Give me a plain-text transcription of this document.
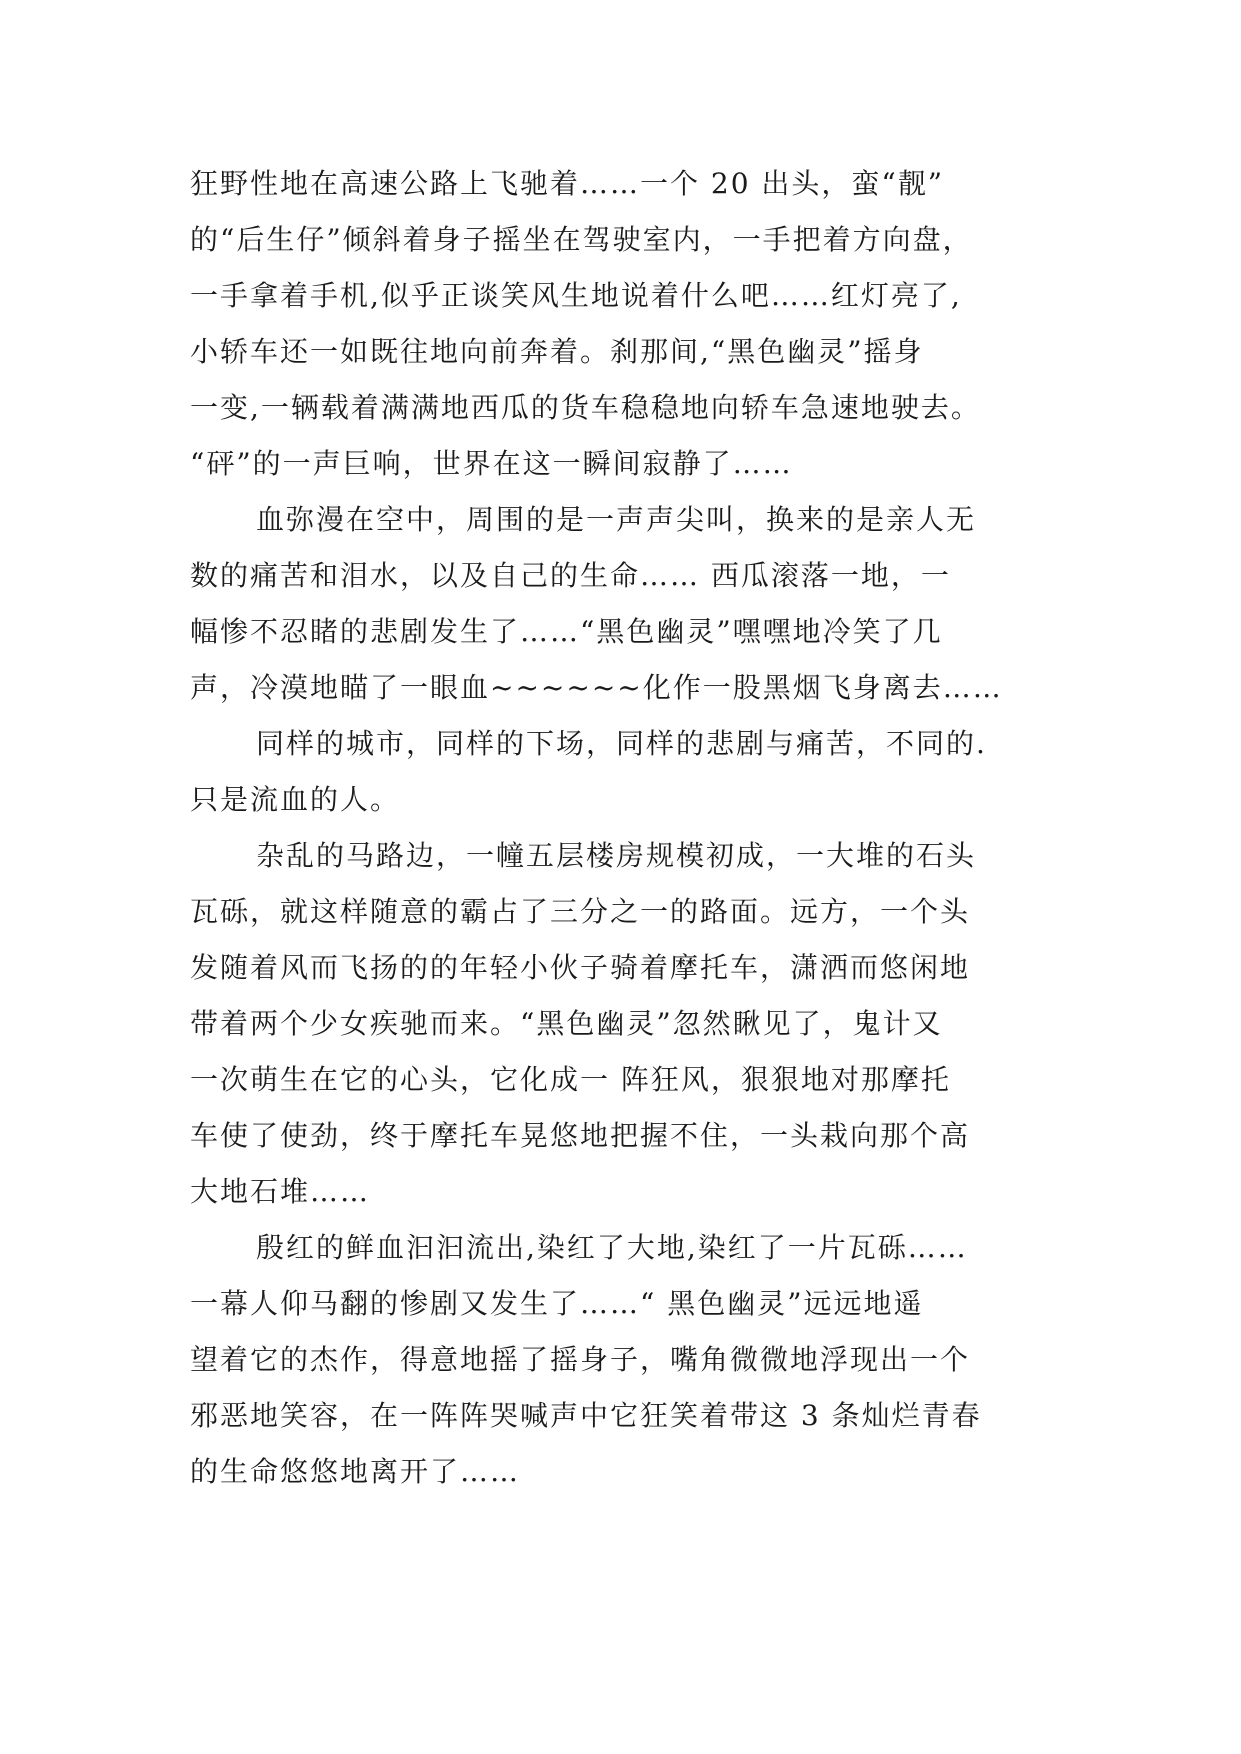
狂野性地在高速公路上飞驰着……一个 20 出头，蛮“靓”
的“后生仔”倾斜着身子摇坐在驾驶室内，一手把着方向盘，
一手拿着手机,似乎正谈笑风生地说着什么吧……红灯亮了,
小轿车还一如既往地向前奔着。刹那间,“黑色幽灵”摇身
一变,一辆载着满满地西瓜的货车稳稳地向轿车急速地驶去。
“砰”的一声巨响，世界在这一瞬间寂静了……
血弥漫在空中，周围的是一声声尖叫，换来的是亲人无
数的痛苦和泪水，以及自己的生命…… 西瓜滚落一地，一
幅惨不忍睹的悲剧发生了……“黑色幽灵”嘿嘿地冷笑了几
声，冷漠地瞄了一眼血~~~~~~化作一股黑烟飞身离去……
同样的城市，同样的下场，同样的悲剧与痛苦，不同的.
只是流血的人。
杂乱的马路边，一幢五层楼房规模初成，一大堆的石头
瓦砾，就这样随意的霸占了三分之一的路面。远方，一个头
发随着风而飞扬的的年轻小伙子骑着摩托车，潇洒而悠闲地
带着两个少女疾驰而来。“黑色幽灵”忽然瞅见了，鬼计又
一次萌生在它的心头，它化成一 阵狂风，狠狠地对那摩托
车使了使劲，终于摩托车晃悠地把握不住，一头栽向那个高
大地石堆……
殷红的鲜血汩汩流出,染红了大地,染红了一片瓦砾……
一幕人仰马翻的惨剧又发生了……“ 黑色幽灵”远远地遥
望着它的杰作，得意地摇了摇身子，嘴角微微地浮现出一个
邪恶地笑容，在一阵阵哭喊声中它狂笑着带这 3 条灿烂青春
的生命悠悠地离开了……
